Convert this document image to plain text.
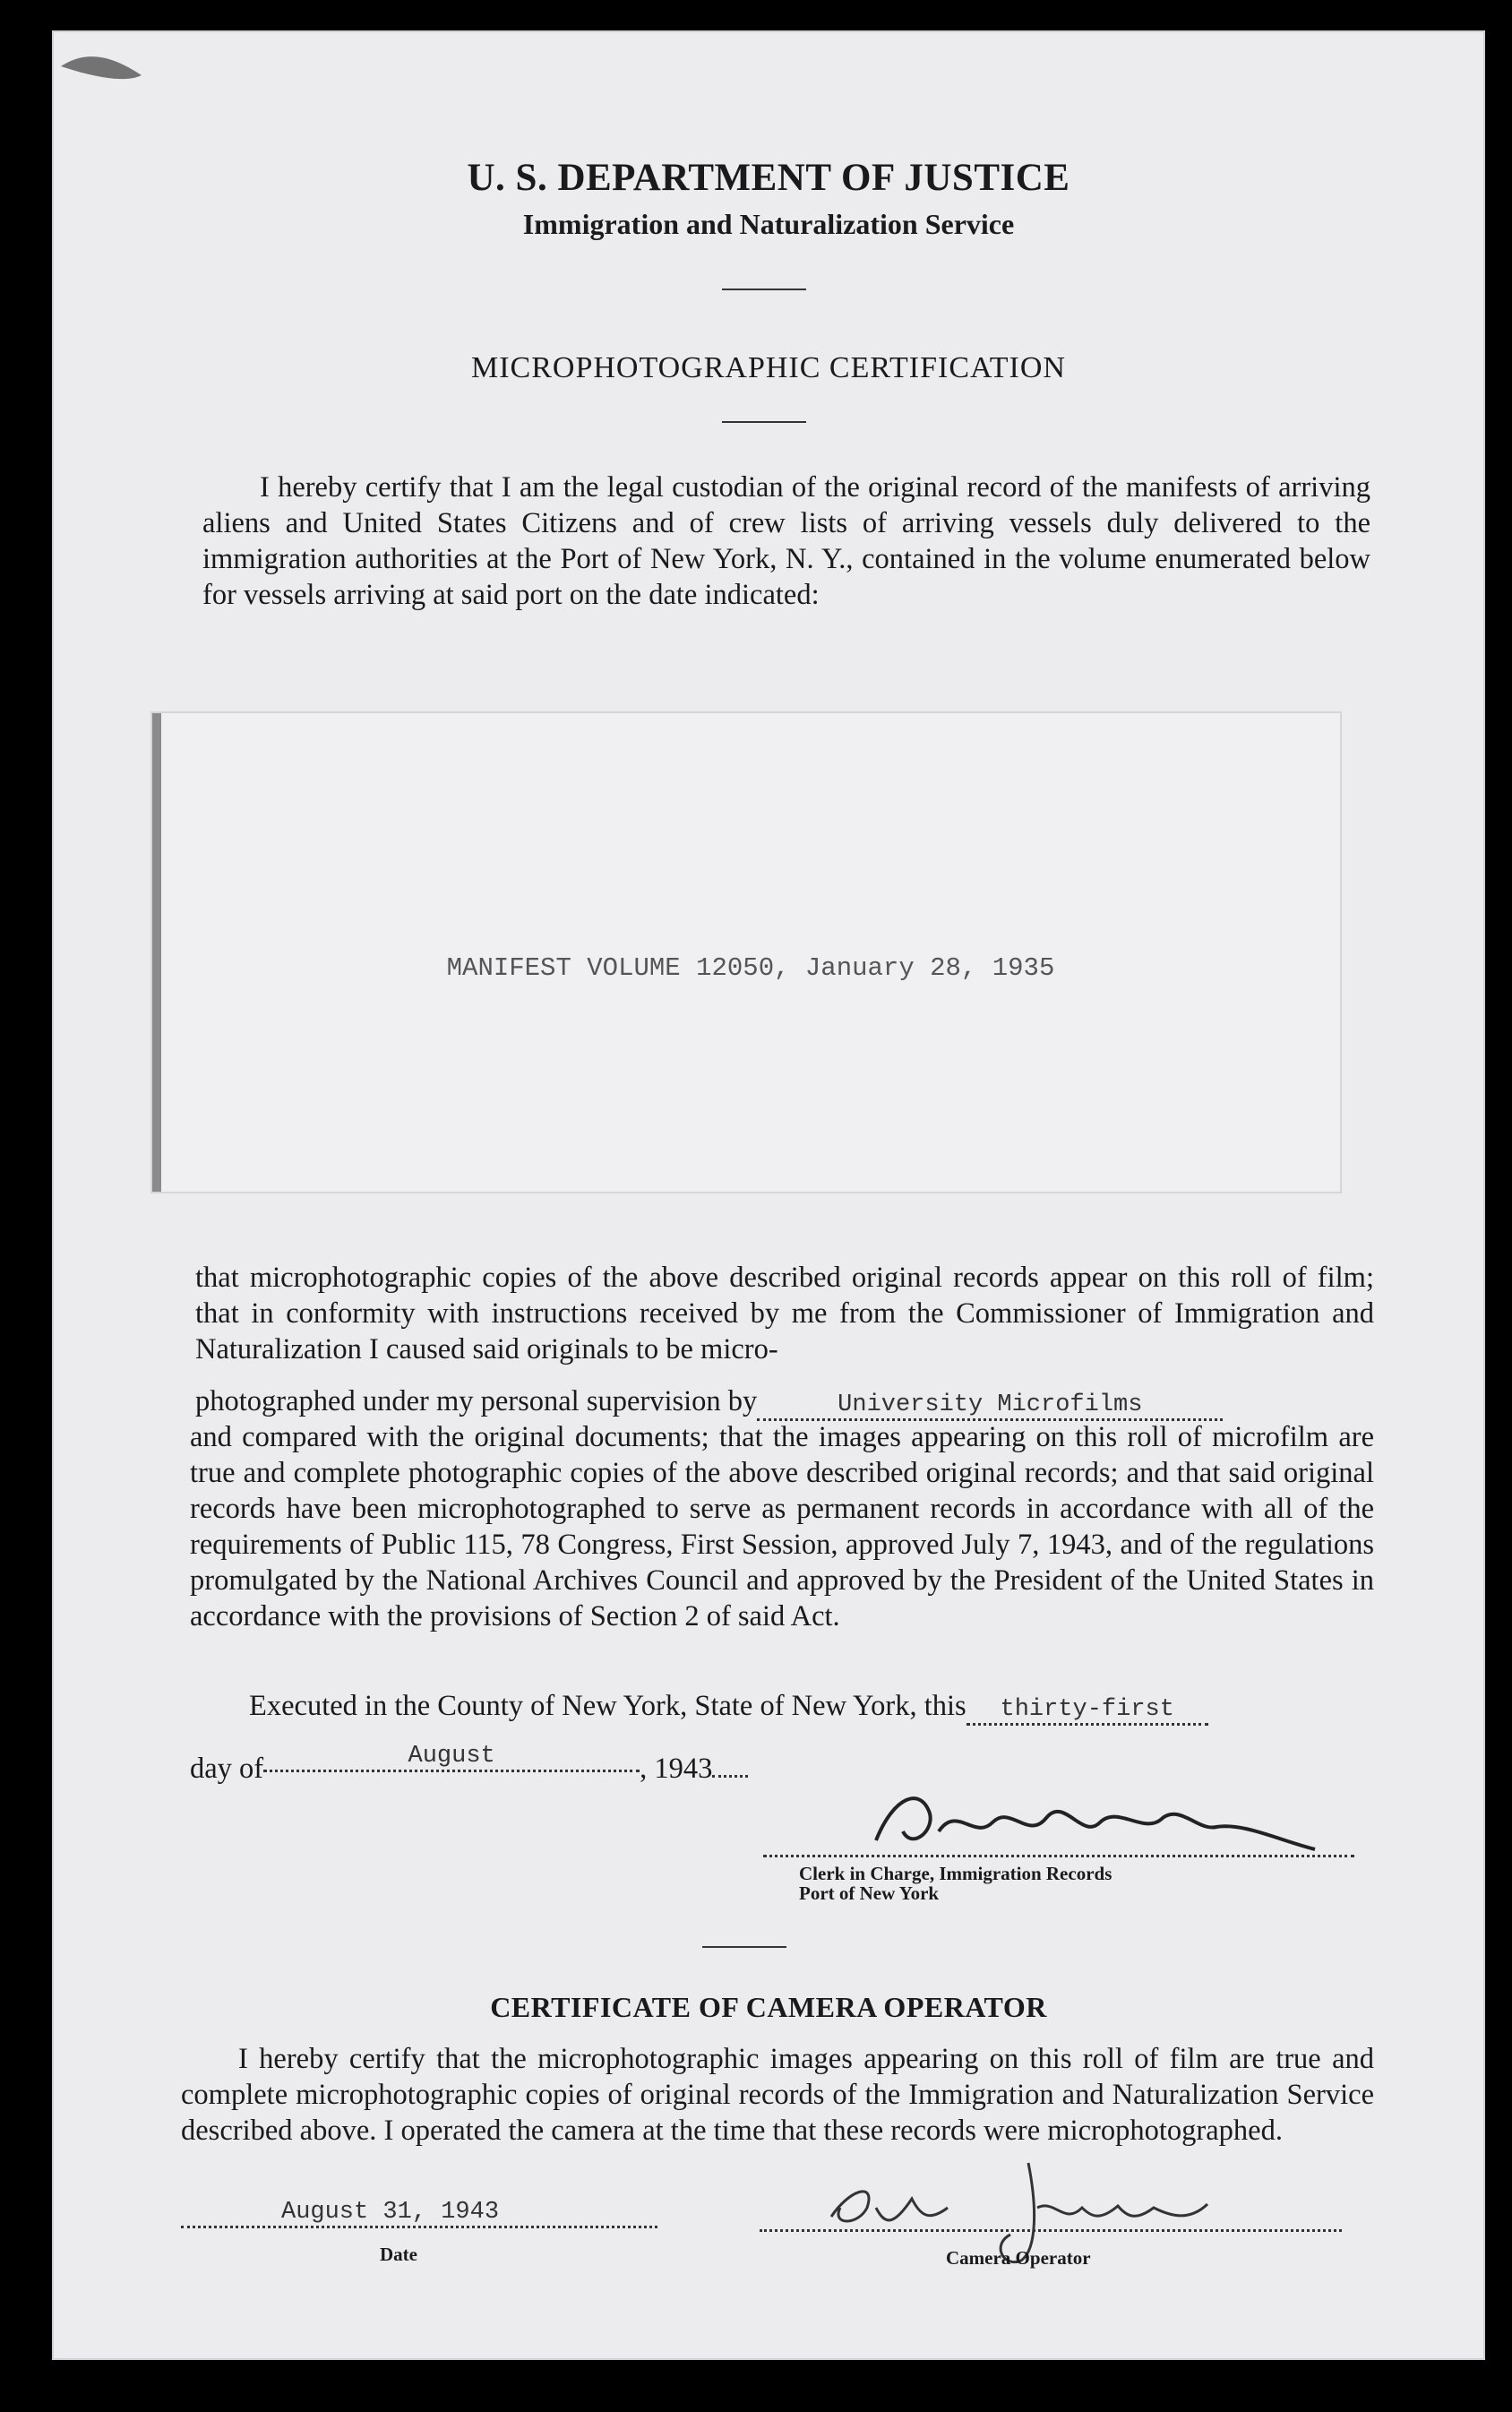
U. S. DEPARTMENT OF JUSTICE
Immigration and Naturalization Service
MICROPHOTOGRAPHIC CERTIFICATION
I hereby certify that I am the legal custodian of the original record of the manifests of arriving aliens and United States Citizens and of crew lists of arriving vessels duly delivered to the immigration authorities at the Port of New York, N. Y., contained in the volume enumerated below for vessels arriving at said port on the date indicated:
MANIFEST VOLUME 12050, January 28, 1935
that microphotographic copies of the above described original records appear on this roll of film; that in conformity with instructions received by me from the Commissioner of Immigration and Naturalization I caused said originals to be micro-
photographed under my personal supervision by	University Microfilms
and compared with the original documents; that the images appearing on this roll of microfilm are true and complete photographic copies of the above described original records; and that said original records have been microphotographed to serve as permanent records in accordance with all of the requirements of Public 115, 78 Congress, First Session, approved July 7, 1943, and of the regulations promulgated by the National Archives Council and approved by the President of the United States in accordance with the provisions of Section 2 of said Act.
Executed in the County of New York, State of New York, this thirty-first
day of	August	, 1943
Clerk in Charge, Immigration Records
Port of New York
CERTIFICATE OF CAMERA OPERATOR
I hereby certify that the microphotographic images appearing on this roll of film are true and complete microphotographic copies of original records of the Immigration and Naturalization Service described above. I operated the camera at the time that these records were microphotographed.
August 31, 1943
Date	Camera Operator
